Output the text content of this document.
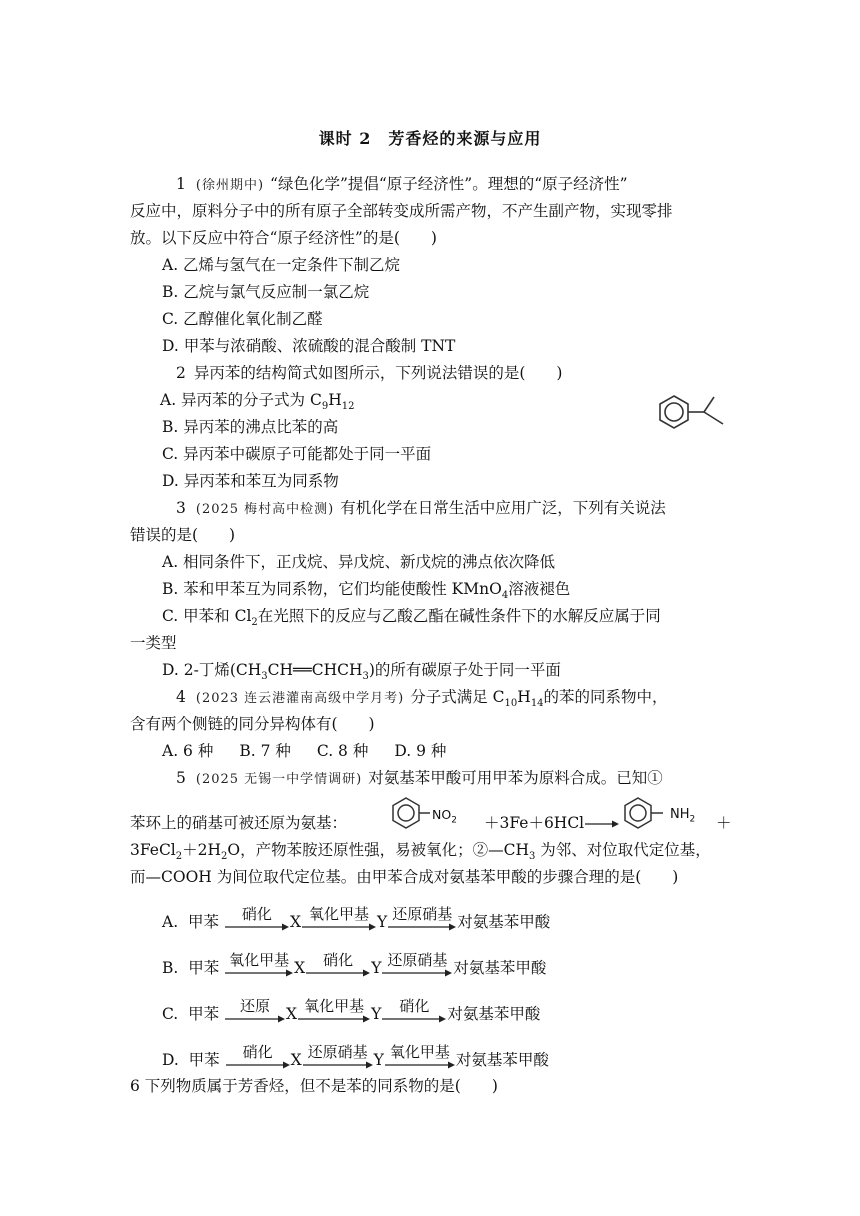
课时 2　芳香烃的来源与应用
1 (徐州期中) “绿色化学”提倡“原子经济性”。理想的“原子经济性”
反应中，原料分子中的所有原子全部转变成所需产物，不产生副产物，实现零排
放。以下反应中符合“原子经济性”的是(　　)
A. 乙烯与氢气在一定条件下制乙烷
B. 乙烷与氯气反应制一氯乙烷
C. 乙醇催化氧化制乙醛
D. 甲苯与浓硝酸、浓硫酸的混合酸制 TNT
2 异丙苯的结构简式如图所示，下列说法错误的是(　　)
A. 异丙苯的分子式为 $C_9H_{12}$
B. 异丙苯的沸点比苯的高
C. 异丙苯中碳原子可能都处于同一平面
D. 异丙苯和苯互为同系物
3 (2025 梅村高中检测) 有机化学在日常生活中应用广泛，下列有关说法
错误的是(　　)
A. 相同条件下，正戊烷、异戊烷、新戊烷的沸点依次降低
B. 苯和甲苯互为同系物，它们均能使酸性 KMnO$_4$溶液褪色
C. 甲苯和 $Cl_2$在光照下的反应与乙酸乙酯在碱性条件下的水解反应属于同
一类型
D. 2-丁烯$(CH_3CH══CHCH_3)$的所有碳原子处于同一平面
4 (2023 连云港灌南高级中学月考) 分子式满足 $C_{10}H_{14}$的苯的同系物中，
含有两个侧链的同分异构体有(　　)
A. 6 种 B. 7 种 C. 8 种 D. 9 种
5 (2025 无锡一中学情调研) 对氨基苯甲酸可用甲苯为原料合成。已知①
苯环上的硝基可被还原为氨基：	$NO_2 +3Fe+6HCl$ →
$NH_2$ ＋
$3FeCl_2+2H_2O$，产物苯胺还原性强，易被氧化；$②—CH_3$ 为邻、对位取代定位基，
而—COOH 为间位取代定位基。由甲苯合成对氨基苯甲酸的步骤合理的是(　　)
A. 甲苯	硝化	X 氧化甲基 Y 还原硝基 对氨基苯甲酸
B. 甲苯 氧化甲基 X	硝化	Y 还原硝基 对氨基苯甲酸
C. 甲苯	还原	X 氧化甲基 Y	硝化	对氨基苯甲酸
D. 甲苯	硝化	X 还原硝基 Y 氧化甲基 对氨基苯甲酸
6 下列物质属于芳香烃，但不是苯的同系物的是(　　)
